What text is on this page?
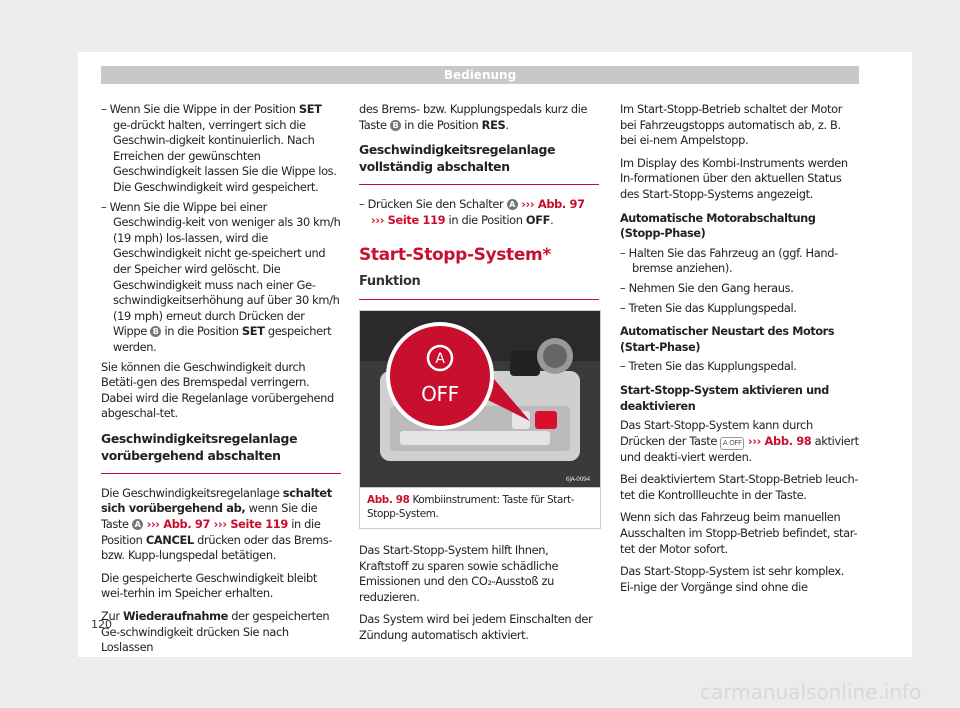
Bedienung

– Wenn Sie die Wippe in der Position SET ge-drückt halten, verringert sich die Geschwin-digkeit kontinuierlich. Nach Erreichen der gewünschten Geschwindigkeit lassen Sie die Wippe los. Die Geschwindigkeit wird gespeichert.

– Wenn Sie die Wippe bei einer Geschwindig-keit von weniger als 30 km/h (19 mph) los-lassen, wird die Geschwindigkeit nicht ge-speichert und der Speicher wird gelöscht. Die Geschwindigkeit muss nach einer Ge-schwindigkeitserhöhung auf über 30 km/h (19 mph) erneut durch Drücken der Wippe B in die Position SET gespeichert werden.

Sie können die Geschwindigkeit durch Betäti-gen des Bremspedal verringern. Dabei wird die Regelanlage vorübergehend abgeschal-tet.

Geschwindigkeitsregelanlage vorübergehend abschalten

Die Geschwindigkeitsregelanlage schaltet sich vorübergehend ab, wenn Sie die Taste A ››› Abb. 97 ››› Seite 119 in die Position CANCEL drücken oder das Brems- bzw. Kupp-lungspedal betätigen.

Die gespeicherte Geschwindigkeit bleibt wei-terhin im Speicher erhalten.

Zur Wiederaufnahme der gespeicherten Ge-schwindigkeit drücken Sie nach Loslassen

des Brems- bzw. Kupplungspedals kurz die Taste B in die Position RES.

Geschwindigkeitsregelanlage vollständig abschalten

– Drücken Sie den Schalter A ››› Abb. 97 ››› Seite 119 in die Position OFF.

Start-Stopp-System*
Funktion
A
OFF
6JA-0094
Abb. 98 Kombiinstrument: Taste für Start-Stopp-System.

Das Start-Stopp-System hilft Ihnen, Kraftstoff zu sparen sowie schädliche Emissionen und den CO₂-Ausstoß zu reduzieren.

Das System wird bei jedem Einschalten der Zündung automatisch aktiviert.

Im Start-Stopp-Betrieb schaltet der Motor bei Fahrzeugstopps automatisch ab, z. B. bei ei-nem Ampelstopp.

Im Display des Kombi-Instruments werden In-formationen über den aktuellen Status des Start-Stopp-Systems angezeigt.

Automatische Motorabschaltung (Stopp-Phase)

– Halten Sie das Fahrzeug an (ggf. Hand-bremse anziehen).

– Nehmen Sie den Gang heraus.

– Treten Sie das Kupplungspedal.

Automatischer Neustart des Motors (Start-Phase)

– Treten Sie das Kupplungspedal.

Start-Stopp-System aktivieren und deaktivieren

Das Start-Stopp-System kann durch Drücken der Taste A OFF ››› Abb. 98 aktiviert und deakti-viert werden.

Bei deaktiviertem Start-Stopp-Betrieb leuch-tet die Kontrollleuchte in der Taste.

Wenn sich das Fahrzeug beim manuellen Ausschalten im Stopp-Betrieb befindet, star-tet der Motor sofort.

Das Start-Stopp-System ist sehr komplex. Ei-nige der Vorgänge sind ohne die

120
carmanualsonline.info
